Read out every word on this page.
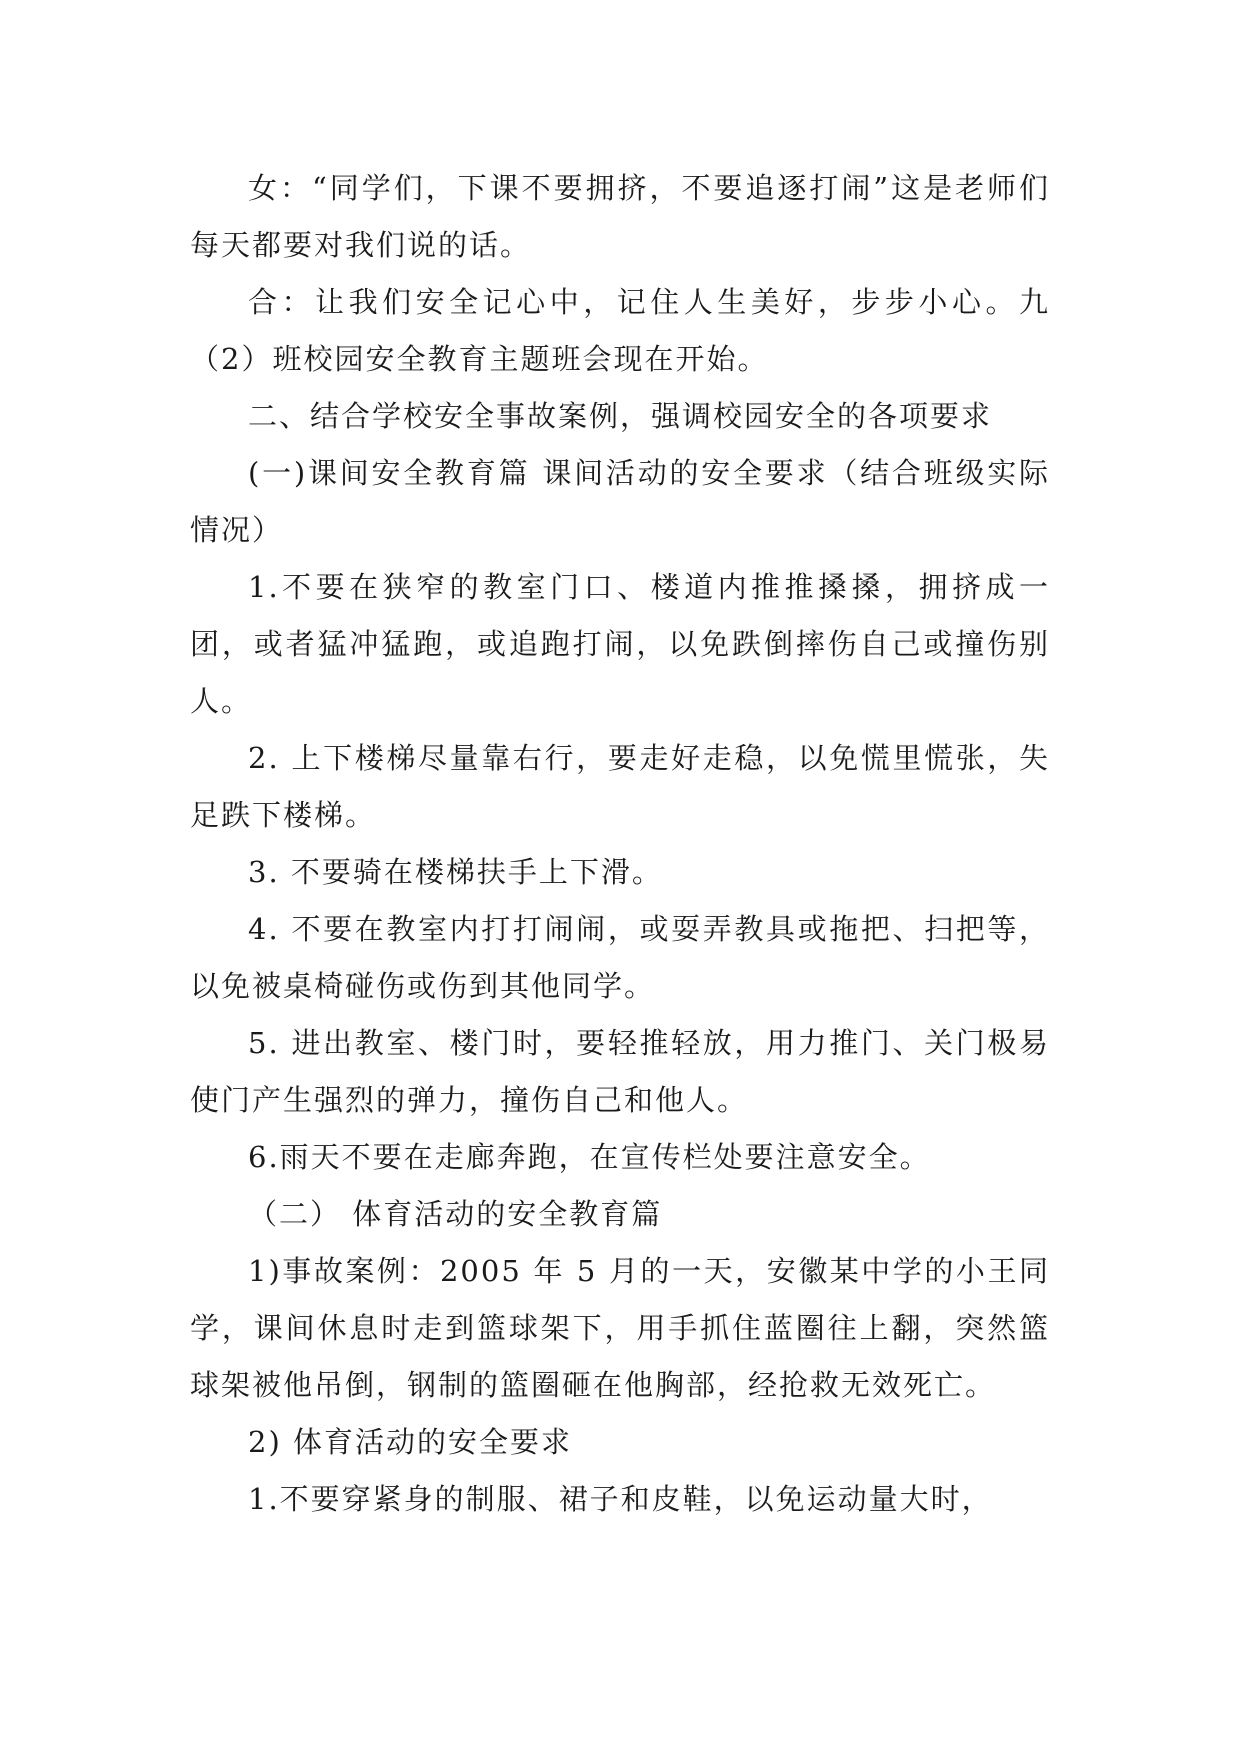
女：“同学们，下课不要拥挤，不要追逐打闹”这是老师们每天都要对我们说的话。

合：让我们安全记心中，记住人生美好，步步小心。九（2）班校园安全教育主题班会现在开始。

二、结合学校安全事故案例，强调校园安全的各项要求

(一)课间安全教育篇 课间活动的安全要求（结合班级实际情况）

1.不要在狭窄的教室门口、楼道内推推搡搡，拥挤成一团，或者猛冲猛跑，或追跑打闹，以免跌倒摔伤自己或撞伤别人。

2. 上下楼梯尽量靠右行，要走好走稳，以免慌里慌张，失足跌下楼梯。

3. 不要骑在楼梯扶手上下滑。

4. 不要在教室内打打闹闹，或耍弄教具或拖把、扫把等，以免被桌椅碰伤或伤到其他同学。

5. 进出教室、楼门时，要轻推轻放，用力推门、关门极易使门产生强烈的弹力，撞伤自己和他人。

6.雨天不要在走廊奔跑，在宣传栏处要注意安全。

（二） 体育活动的安全教育篇

1)事故案例：2005 年 5 月的一天，安徽某中学的小王同学，课间休息时走到篮球架下，用手抓住蓝圈往上翻，突然篮球架被他吊倒，钢制的篮圈砸在他胸部，经抢救无效死亡。

2) 体育活动的安全要求

1.不要穿紧身的制服、裙子和皮鞋，以免运动量大时，
